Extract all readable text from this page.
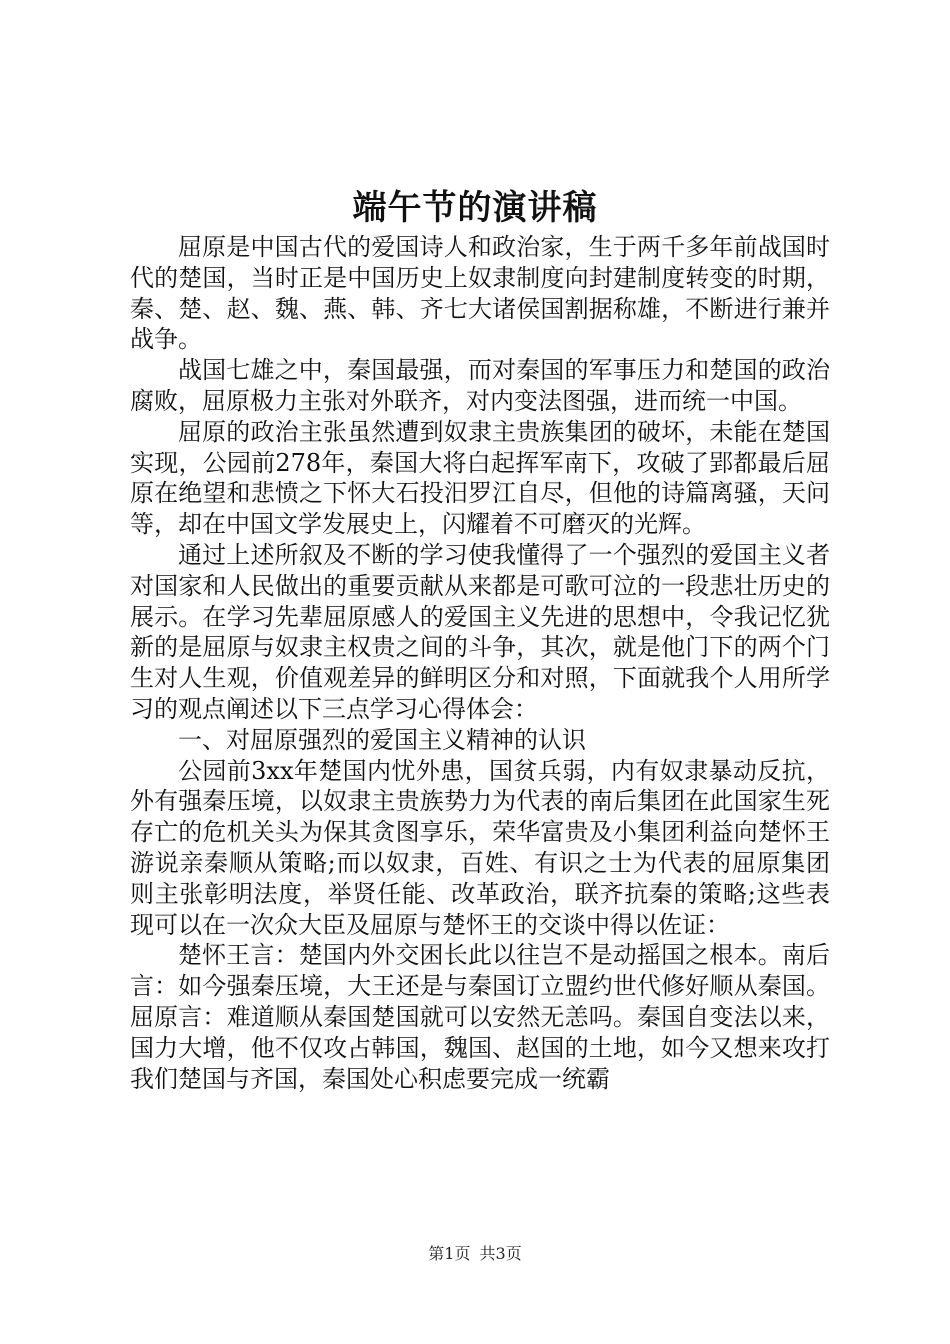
端午节的演讲稿

屈原是中国古代的爱国诗人和政治家，生于两千多年前战国时代的楚国，当时正是中国历史上奴隶制度向封建制度转变的时期，秦、楚、赵、魏、燕、韩、齐七大诸侯国割据称雄，不断进行兼并战争。

战国七雄之中，秦国最强，而对秦国的军事压力和楚国的政治腐败，屈原极力主张对外联齐，对内变法图强，进而统一中国。

屈原的政治主张虽然遭到奴隶主贵族集团的破坏，未能在楚国实现，公园前278年，秦国大将白起挥军南下，攻破了郢都最后屈原在绝望和悲愤之下怀大石投汨罗江自尽，但他的诗篇离骚，天问等，却在中国文学发展史上，闪耀着不可磨灭的光辉。

通过上述所叙及不断的学习使我懂得了一个强烈的爱国主义者对国家和人民做出的重要贡献从来都是可歌可泣的一段悲壮历史的展示。在学习先辈屈原感人的爱国主义先进的思想中，令我记忆犹新的是屈原与奴隶主权贵之间的斗争，其次，就是他门下的两个门生对人生观，价值观差异的鲜明区分和对照，下面就我个人用所学习的观点阐述以下三点学习心得体会：

一、对屈原强烈的爱国主义精神的认识

公园前3xx年楚国内忧外患，国贫兵弱，内有奴隶暴动反抗，外有强秦压境，以奴隶主贵族势力为代表的南后集团在此国家生死存亡的危机关头为保其贪图享乐，荣华富贵及小集团利益向楚怀王游说亲秦顺从策略;而以奴隶，百姓、有识之士为代表的屈原集团则主张彰明法度，举贤任能、改革政治，联齐抗秦的策略;这些表现可以在一次众大臣及屈原与楚怀王的交谈中得以佐证：

楚怀王言：楚国内外交困长此以往岂不是动摇国之根本。南后言：如今强秦压境，大王还是与秦国订立盟约世代修好顺从秦国。屈原言：难道顺从秦国楚国就可以安然无恙吗。秦国自变法以来，国力大增，他不仅攻占韩国，魏国、赵国的土地，如今又想来攻打我们楚国与齐国，秦国处心积虑要完成一统霸

第1页 共3页
